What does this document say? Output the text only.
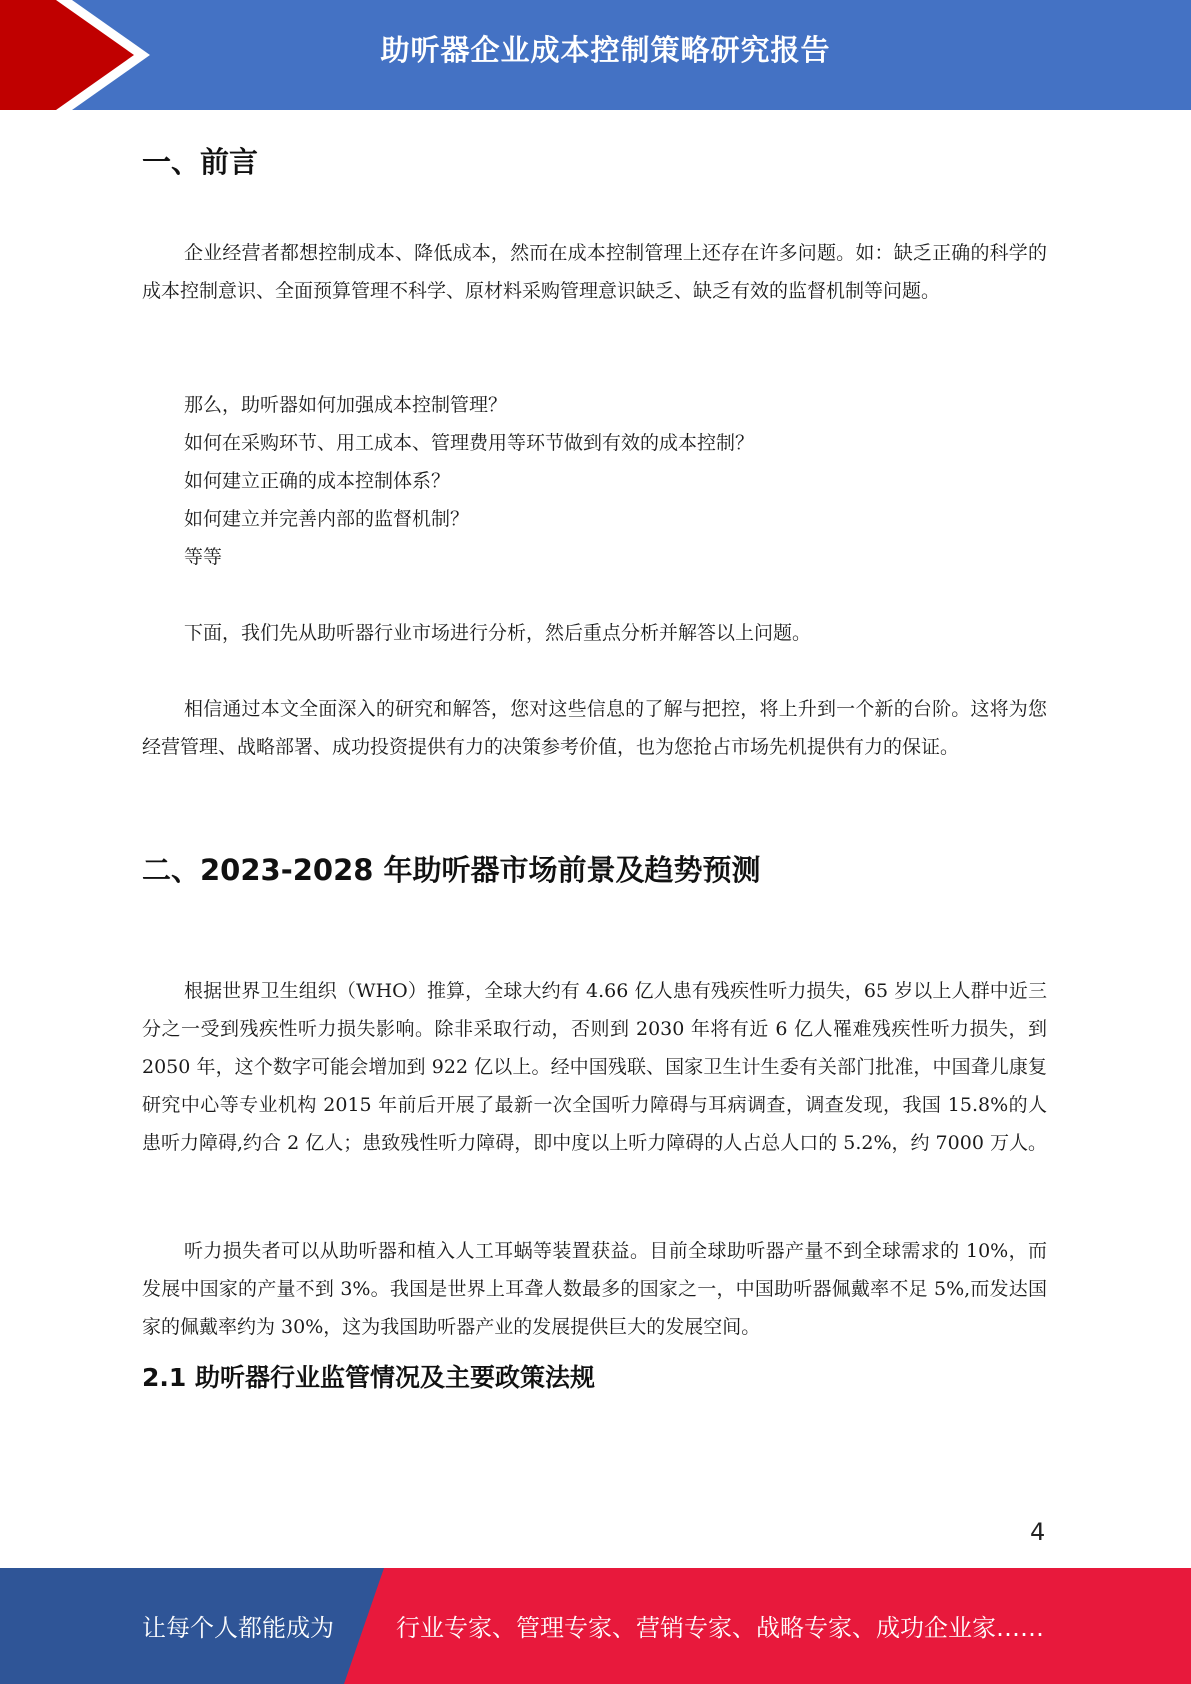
助听器企业成本控制策略研究报告
一、前言

企业经营者都想控制成本、降低成本，然而在成本控制管理上还存在许多问题。如：缺乏正确的科学的成本控制意识、全面预算管理不科学、原材料采购管理意识缺乏、缺乏有效的监督机制等问题。

那么，助听器如何加强成本控制管理？

如何在采购环节、用工成本、管理费用等环节做到有效的成本控制？

如何建立正确的成本控制体系？

如何建立并完善内部的监督机制？

等等

下面，我们先从助听器行业市场进行分析，然后重点分析并解答以上问题。

相信通过本文全面深入的研究和解答，您对这些信息的了解与把控，将上升到一个新的台阶。这将为您经营管理、战略部署、成功投资提供有力的决策参考价值，也为您抢占市场先机提供有力的保证。

二、2023-2028 年助听器市场前景及趋势预测

根据世界卫生组织（WHO）推算，全球大约有 4.66 亿人患有残疾性听力损失，65 岁以上人群中近三分之一受到残疾性听力损失影响。除非采取行动，否则到 2030 年将有近 6 亿人罹难残疾性听力损失，到 2050 年，这个数字可能会增加到 922 亿以上。经中国残联、国家卫生计生委有关部门批准，中国聋儿康复研究中心等专业机构 2015 年前后开展了最新一次全国听力障碍与耳病调查，调查发现，我国 15.8%的人患听力障碍,约合 2 亿人；患致残性听力障碍，即中度以上听力障碍的人占总人口的 5.2%，约 7000 万人。

听力损失者可以从助听器和植入人工耳蜗等装置获益。目前全球助听器产量不到全球需求的 10%，而发展中国家的产量不到 3%。我国是世界上耳聋人数最多的国家之一，中国助听器佩戴率不足 5%,而发达国家的佩戴率约为 30%，这为我国助听器产业的发展提供巨大的发展空间。

2.1 助听器行业监管情况及主要政策法规
4
让每个人都能成为	行业专家、管理专家、营销专家、战略专家、成功企业家……
